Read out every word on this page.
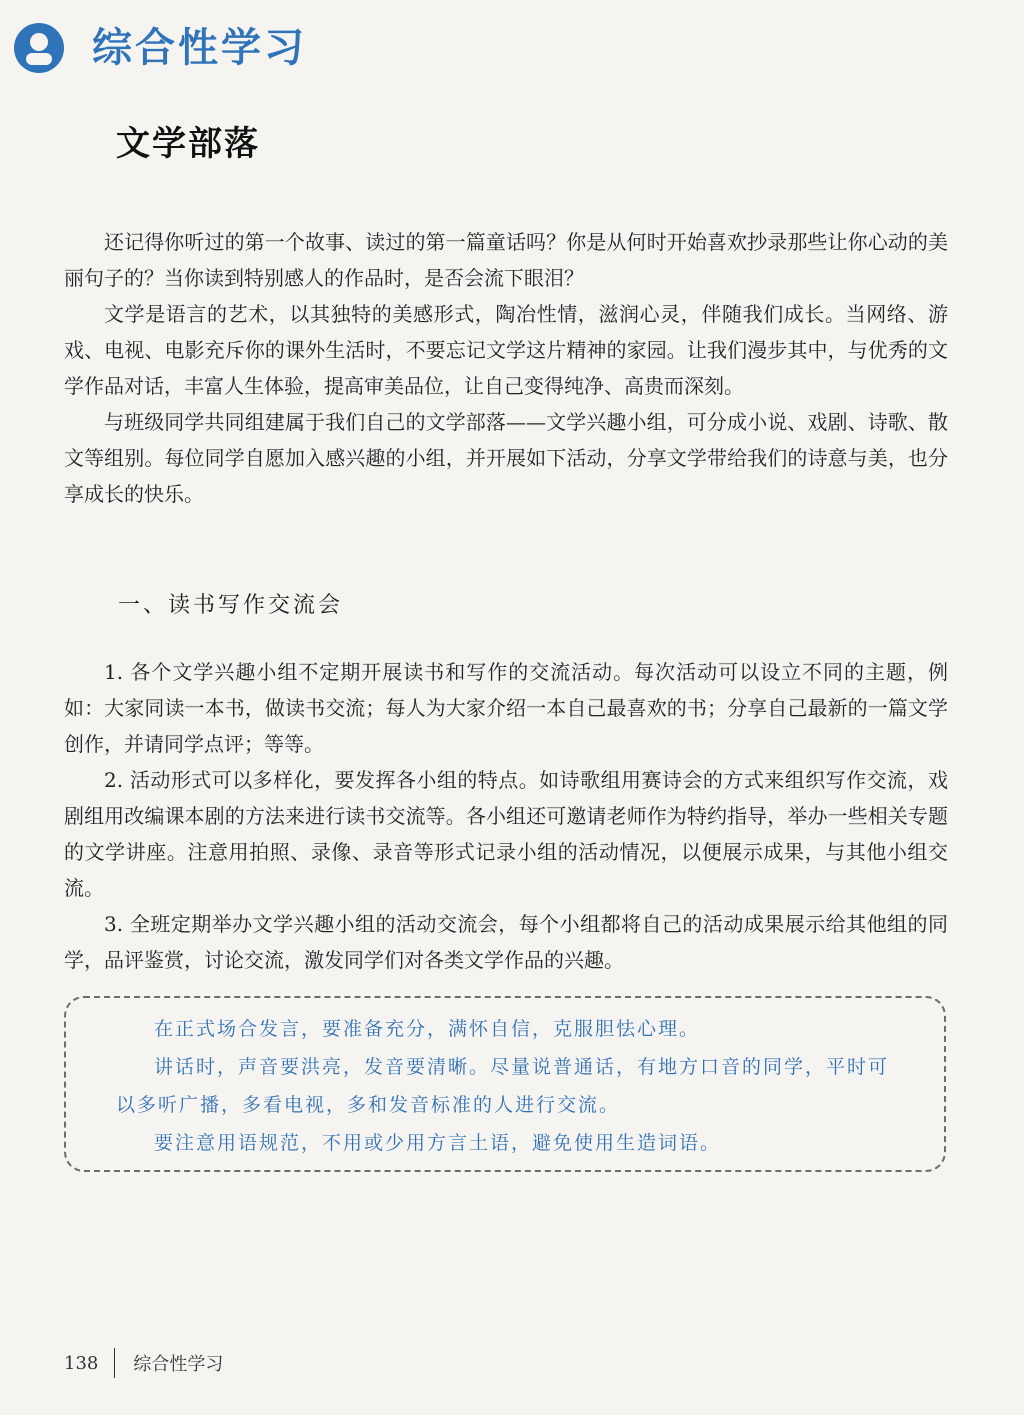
综合性学习
文学部落

还记得你听过的第一个故事、读过的第一篇童话吗？你是从何时开始喜欢抄录那些让你心动的美丽句子的？当你读到特别感人的作品时，是否会流下眼泪？

文学是语言的艺术，以其独特的美感形式，陶冶性情，滋润心灵，伴随我们成长。当网络、游戏、电视、电影充斥你的课外生活时，不要忘记文学这片精神的家园。让我们漫步其中，与优秀的文学作品对话，丰富人生体验，提高审美品位，让自己变得纯净、高贵而深刻。

与班级同学共同组建属于我们自己的文学部落——文学兴趣小组，可分成小说、戏剧、诗歌、散文等组别。每位同学自愿加入感兴趣的小组，并开展如下活动，分享文学带给我们的诗意与美，也分享成长的快乐。

一、读书写作交流会

1. 各个文学兴趣小组不定期开展读书和写作的交流活动。每次活动可以设立不同的主题，例如：大家同读一本书，做读书交流；每人为大家介绍一本自己最喜欢的书；分享自己最新的一篇文学创作，并请同学点评；等等。

2. 活动形式可以多样化，要发挥各小组的特点。如诗歌组用赛诗会的方式来组织写作交流，戏剧组用改编课本剧的方法来进行读书交流等。各小组还可邀请老师作为特约指导，举办一些相关专题的文学讲座。注意用拍照、录像、录音等形式记录小组的活动情况，以便展示成果，与其他小组交流。

3. 全班定期举办文学兴趣小组的活动交流会，每个小组都将自己的活动成果展示给其他组的同学，品评鉴赏，讨论交流，激发同学们对各类文学作品的兴趣。

在正式场合发言，要准备充分，满怀自信，克服胆怯心理。

讲话时，声音要洪亮，发音要清晰。尽量说普通话，有地方口音的同学，平时可以多听广播，多看电视，多和发音标准的人进行交流。

要注意用语规范，不用或少用方言土语，避免使用生造词语。

138 综合性学习
